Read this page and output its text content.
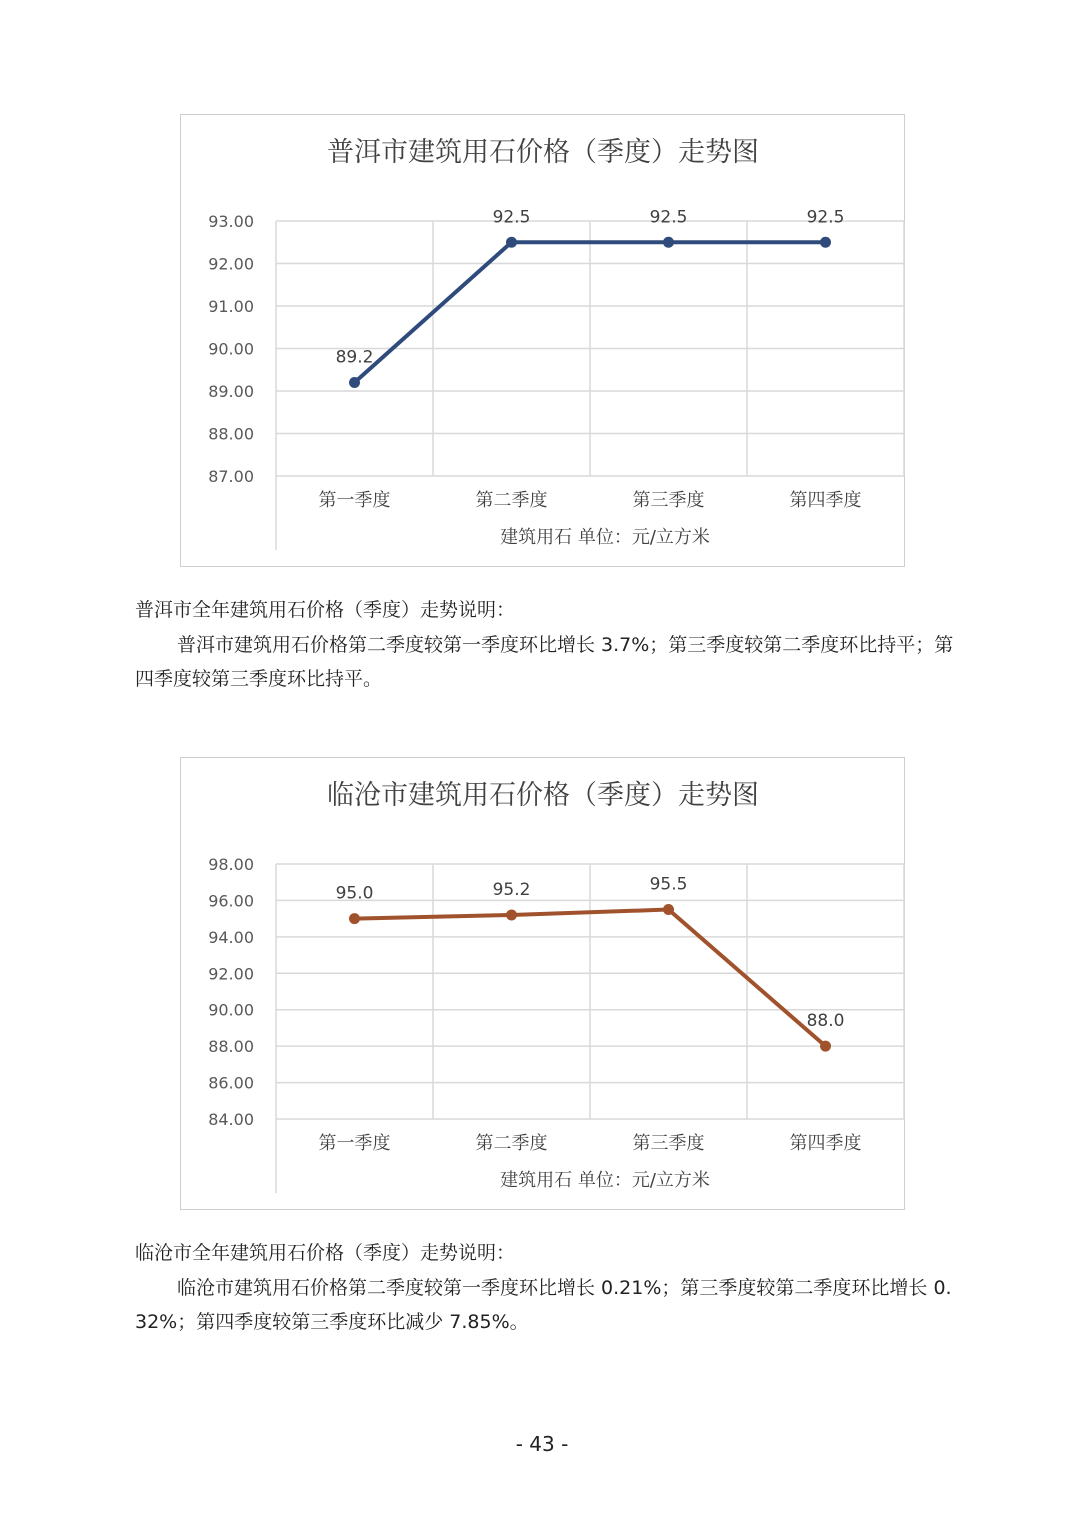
普洱市建筑用石价格（季度）走势图
93.00
92.00
91.00
90.00
89.00
88.00
87.00
第一季度	第二季度	第三季度	第四季度
建筑用石 单位：元/立方米
89.2
92.5	92.5	92.5
普洱市全年建筑用石价格（季度）走势说明：
普洱市建筑用石价格第二季度较第一季度环比增长 3.7%；第三季度较第二季度环比持平；第四季度较第三季度环比持平。
临沧市建筑用石价格（季度）走势图
98.00
96.00
94.00
92.00
90.00
88.00
86.00
84.00
第一季度	第二季度	第三季度	第四季度
建筑用石 单位：元/立方米
95.0	95.2	95.5
88.0
临沧市全年建筑用石价格（季度）走势说明：
临沧市建筑用石价格第二季度较第一季度环比增长 0.21%；第三季度较第二季度环比增长 0.32%；第四季度较第三季度环比减少 7.85%。
- 43 -
